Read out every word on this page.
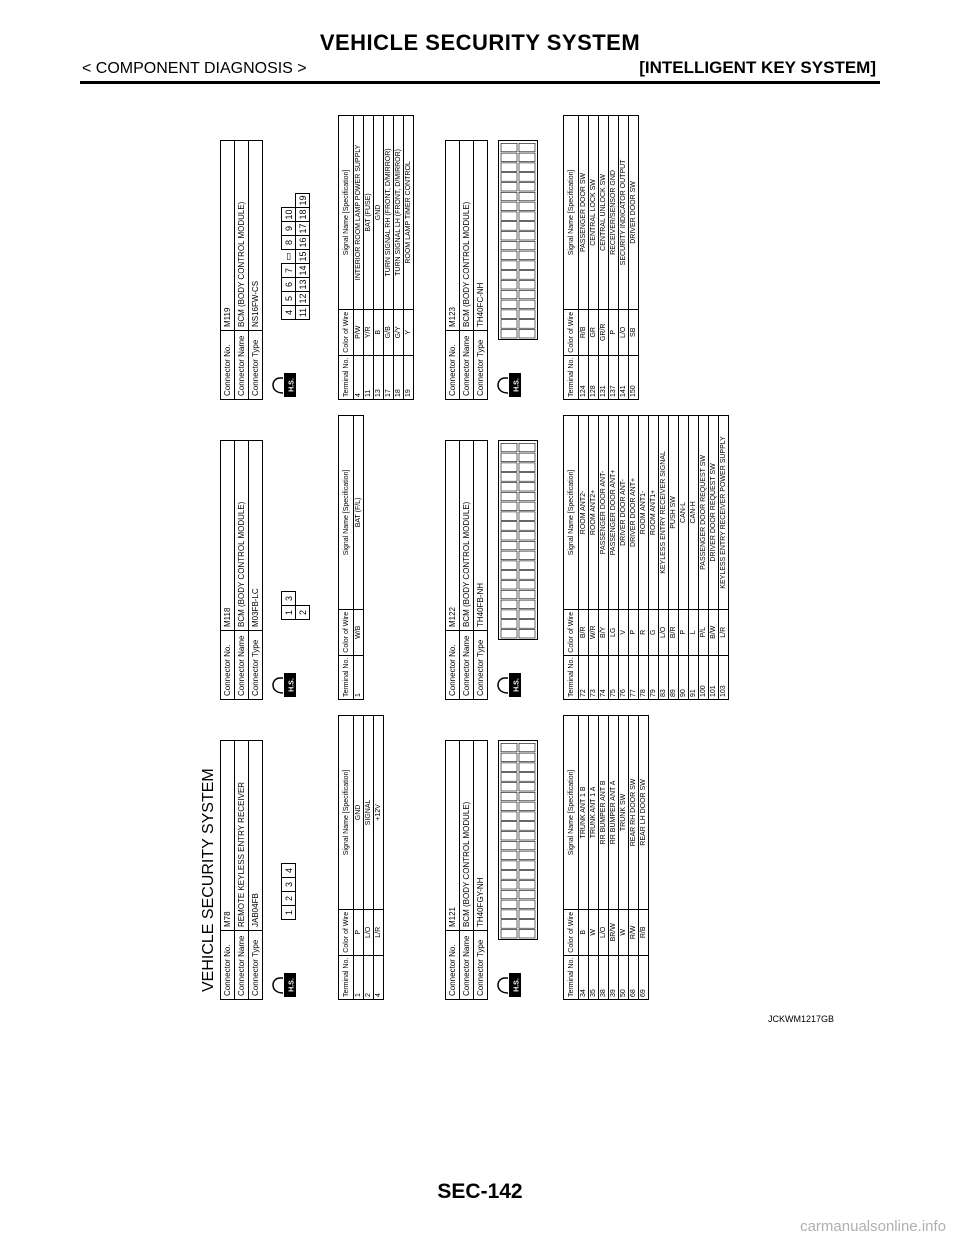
VEHICLE SECURITY SYSTEM
< COMPONENT DIAGNOSIS >	[INTELLIGENT KEY SYSTEM]
VEHICLE SECURITY SYSTEM Connector No.	M78
Connector Name	REMOTE KEYLESS ENTRY RECEIVER
Connector Type	JAB04FB
H.S.
1	2	3	4
Terminal No.	Color of Wire	Signal Name [Specification]
1	P	GND
2	L/O	SIGNAL
4	L/R	+12V
Connector No.	M118
Connector Name	BCM (BODY CONTROL MODULE)
Connector Type	M03FB-LC
H.S.
1	3
2
Terminal No.	Color of Wire	Signal Name [Specification]
1	W/B	BAT (F/L)
Connector No.	M119
Connector Name	BCM (BODY CONTROL MODULE)
Connector Type	NS16FW-CS
H.S.
4	5	6	7	▭	8	9	10	
11	12	13	14	15	16	17	18	19
Terminal No.	Color of Wire	Signal Name [Specification]
4	P/W	INTERIOR ROOM LAMP POWER SUPPLY
11	Y/R	BAT (FUSE)
13	B	GND
17	G/B	TURN SIGNAL RH (FRONT, D/MIRROR)
18	G/Y	TURN SIGNAL LH (FRONT, D/MIRROR)
19	Y	ROOM LAMP TIMER CONTROL
Connector No.	M121
Connector Name	BCM (BODY CONTROL MODULE)
Connector Type	TH40FGY-NH
H.S.	Terminal No.	Color of Wire	Signal Name [Specification]
34	B	TRUNK ANT 1 B
35	W	TRUNK ANT 1 A
38	L/O	RR BUMPER ANT B
39	BR/W	RR BUMPER ANT A
50	W	TRUNK SW
68	R/W	REAR RH DOOR SW
69	R/B	REAR LH DOOR SW
Connector No.	M122
Connector Name	BCM (BODY CONTROL MODULE)
Connector Type	TH40FB-NH
H.S.	Terminal No.	Color of Wire	Signal Name [Specification]
72	B/R	ROOM ANT2-
73	W/R	ROOM ANT2+
74	B/Y	PASSENGER DOOR ANT-
75	LG	PASSENGER DOOR ANT+
76	V	DRIVER DOOR ANT-
77	P	DRIVER DOOR ANT+
78	R	ROOM ANT1-
79	G	ROOM ANT1+
83	L/O	KEYLESS ENTRY RECEIVER SIGNAL
89	B/R	PUSH SW
90	P	CAN-L
91	L	CAN-H
100	P/L	PASSENGER DOOR REQUEST SW
101	B/W	DRIVER DOOR REQUEST SW
103	L/R	KEYLESS ENTRY RECEIVER POWER SUPPLY
Connector No.	M123
Connector Name	BCM (BODY CONTROL MODULE)
Connector Type	TH40FC-NH
H.S.	Terminal No.	Color of Wire	Signal Name [Specification]
124	R/B	PASSENGER DOOR SW
128	GR	CENTRAL LOCK SW
131	GR/R	CENTRAL UNLOCK SW
137	P	RECEIVER/SENSOR GND
141	L/O	SECURITY INDICATOR OUTPUT
150	SB	DRIVER DOOR SW
JCKWM1217GB
SEC-142
carmanualsonline.info
